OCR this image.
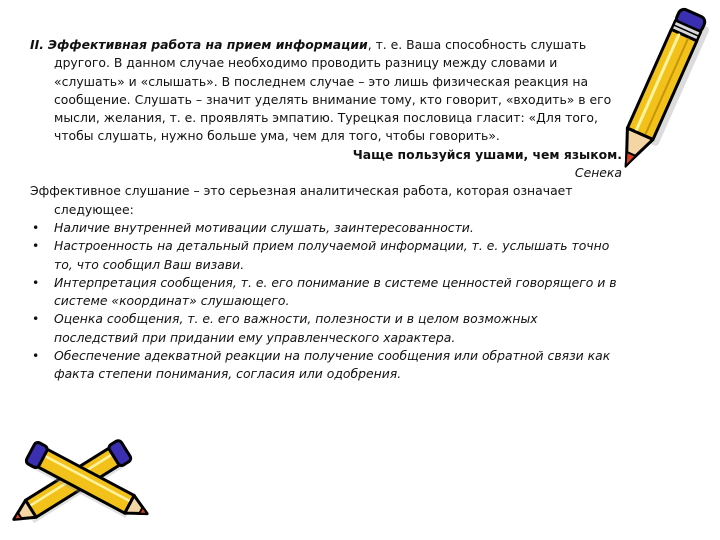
II. Эффективная работа на прием информации, т. е. Ваша способность слушать другого. В данном случае необходимо проводить разницу между словами и «слушать» и «слышать». В последнем случае – это лишь физическая реакция на сообщение. Слушать – значит уделять внимание тому, кто говорит, «входить» в его мысли, желания, т. е. проявлять эмпатию. Турецкая пословица гласит: «Для того, чтобы слушать, нужно больше ума, чем для того, чтобы говорить».

Чаще пользуйся ушами, чем языком.

Сенека

Эффективное слушание – это серьезная аналитическая работа, которая означает следующее:

• Наличие внутренней мотивации слушать, заинтересованности.
• Настроенность на детальный прием получаемой информации, т. е. услышать точно то, что сообщил Ваш визави.
• Интерпретация сообщения, т. е. его понимание в системе ценностей говорящего и в системе «координат» слушающего.
• Оценка сообщения, т. е. его важности, полезности и в целом возможных последствий при придании ему управленческого характера.
• Обеспечение адекватной реакции на получение сообщения или обратной связи как факта степени понимания, согласия или одобрения.
